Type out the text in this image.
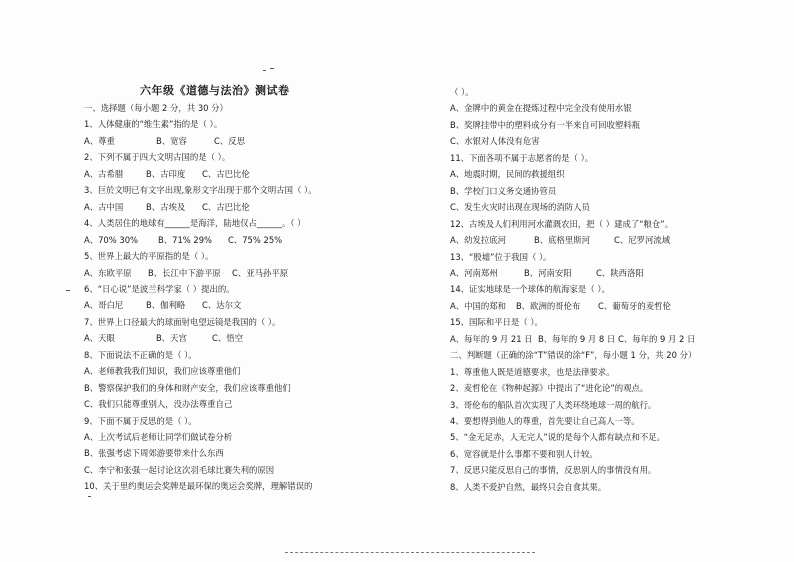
六年级《道德与法治》测试卷
一、选择题（每小题 2 分，共 30 分）
1、人体健康的“维生素”指的是（ ）。
A、尊重	B、宽容	C、反思
2、下列不属于四大文明古国的是（ ）。
A、古希腊	B、古印度 C、古巴比伦
3、巨於文明已有文字出现,象形文字出现于那个文明古国（ ）。
A、古中国	B、古埃及 C、古巴比伦
4、人类居住的地球有______是海洋，陆地仅占______。（ ）
A、70% 30% B、71% 29% C、75% 25%
5、世界上最大的平原指的是（ ）。
A、东欧平原 B、长江中下游平原 C、亚马孙平原
6、“日心说”是波兰科学家（ ）提出的。
A、哥白尼	B、伽利略 C、达尔文
7、世界上口径最大的球面射电望远镜是我国的（ ）。
A、天眼	B、天宫	C、悟空
8、下面说法不正确的是（ ）。
A、老师教我我们知识，我们应该尊重他们
B、警察保护我们的身体和财产安全，我们应该尊重他们
C、我们只能尊重别人，没办法尊重自己
9、下面不属于反思的是（ ）。
A、上次考试后老师让同学们做试卷分析
B、张强考虑下周郊游要带来什么东西
C、李宁和张强一起讨论这次羽毛球比赛失利的原因
10、关于里约奥运会奖牌是最环保的奥运会奖牌，理解错误的
（ ）。
A、金牌中的黄金在提炼过程中完全没有使用水银
B、奖牌挂带中的塑料成分有一半来自可回收塑料瓶
C、水银对人体没有危害
11、下面各项不属于志愿者的是（ ）。
A、地震时期，民间的救援组织
B、学校门口义务交通协管员
C、发生火灾时出现在现场的消防人员
12、古埃及人们利用河水灌溉农田，把（ ）建成了“粮仓”。
A、幼发拉底河	B、底格里斯河	C、尼罗河流域
13、“殷墟”位于我国（ ）。
A、河南郑州	B、河南安阳	C、陕西洛阳
14、证实地球是一个球体的航海家是（ ）。
A、中国的郑和 B、欧洲的哥伦布 C、葡萄牙的麦哲伦
15、国际和平日是（ ）。
A、每年的 9 月 21 日 B、每年的 9 月 8 日 C、每年的 9 月 2 日
二、判断题（正确的涂“T”错误的涂“F”，每小题 1 分，共 20 分）
1、尊重他人既是道德要求，也是法律要求。
2、麦哲伦在《物种起源》中提出了“进化论”的观点。
3、哥伦布的船队首次实现了人类环绕地球一周的航行。
4、要想得到他人的尊重，首先要让自己高人一等。
5、“金无足赤，人无完人”说的是每个人都有缺点和不足。
6、宽容就是什么事都不要和别人计较。
7、反思只能反思自己的事情，反思别人的事情没有用。
8、人类不爱护自然，最终只会自食其果。
